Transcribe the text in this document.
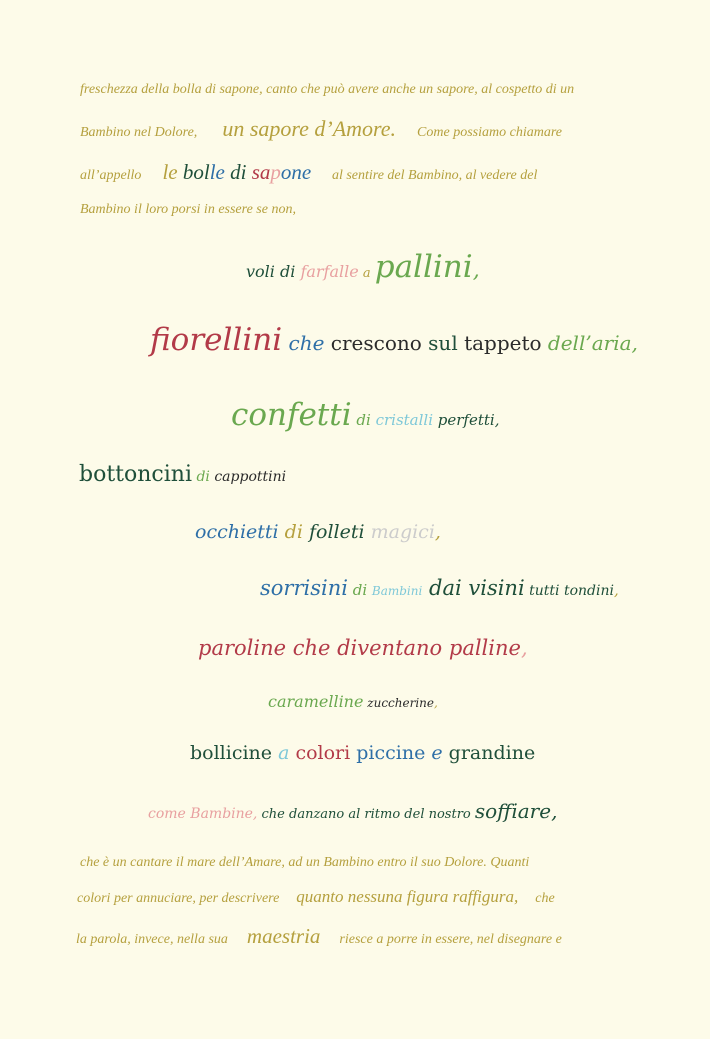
freschezza della bolla di sapone, canto che può avere anche un sapore, al cospetto di un
Bambino nel Dolore, un sapore d’Amore. Come possiamo chiamare
all’appello le bolle di sapone al sentire del Bambino, al vedere del
Bambino il loro porsi in essere se non,
voli di farfalle a pallini,
fiorellini che crescono sul tappeto dell’aria,
confetti di cristalli perfetti,
bottoncini di cappottini
occhietti di folleti magici,
sorrisini di Bambini dai visini tutti tondini,
paroline che diventano palline,
caramelline zuccherine,
bollicine a colori piccine e grandine
come Bambine, che danzano al ritmo del nostro soffiare,
che è un cantare il mare dell’Amare, ad un Bambino entro il suo Dolore. Quanti
colori per annuciare, per descrivere quanto nessuna figura raffigura, che
la parola, invece, nella sua maestria riesce a porre in essere, nel disegnare e
